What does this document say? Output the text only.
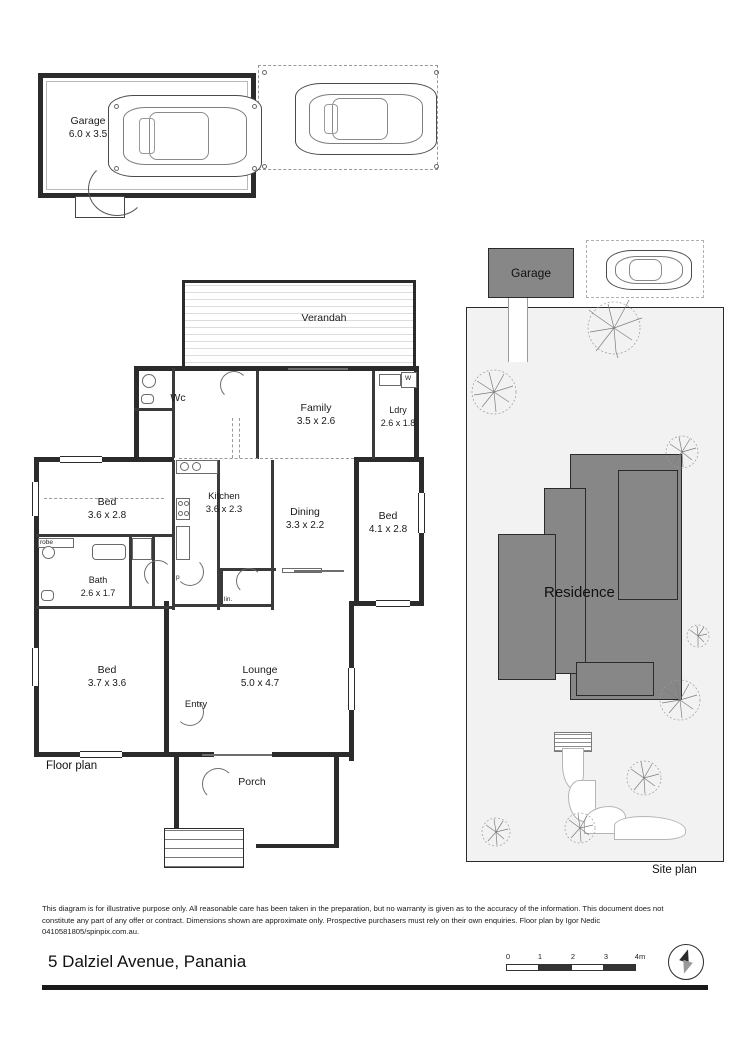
Garage
6.0 x 3.5
W
p
lin.
robe
Verandah
Wc
Family
3.5 x 2.6
Ldry
2.6 x 1.8
Bed
3.6 x 2.8
Kitchen
3.6 x 2.3	Dining
3.3 x 2.2
Bed
4.1 x 2.8
Bath
2.6 x 1.7
Bed
3.7 x 3.6
Lounge
5.0 x 4.7
Entry
Porch
Floor plan
Garage
Residence
Site plan
This diagram is for illustrative purpose only. All reasonable care has been taken in the preparation, but no warranty is given as to the accuracy of the information. This document does not constitute any part of any offer or contract. Dimensions shown are approximate only. Prospective purchasers must rely on their own enquiries. Floor plan by Igor Nedic 0410581805/spinpix.com.au.
5 Dalziel Avenue, Panania	0	1	2	3	4m
